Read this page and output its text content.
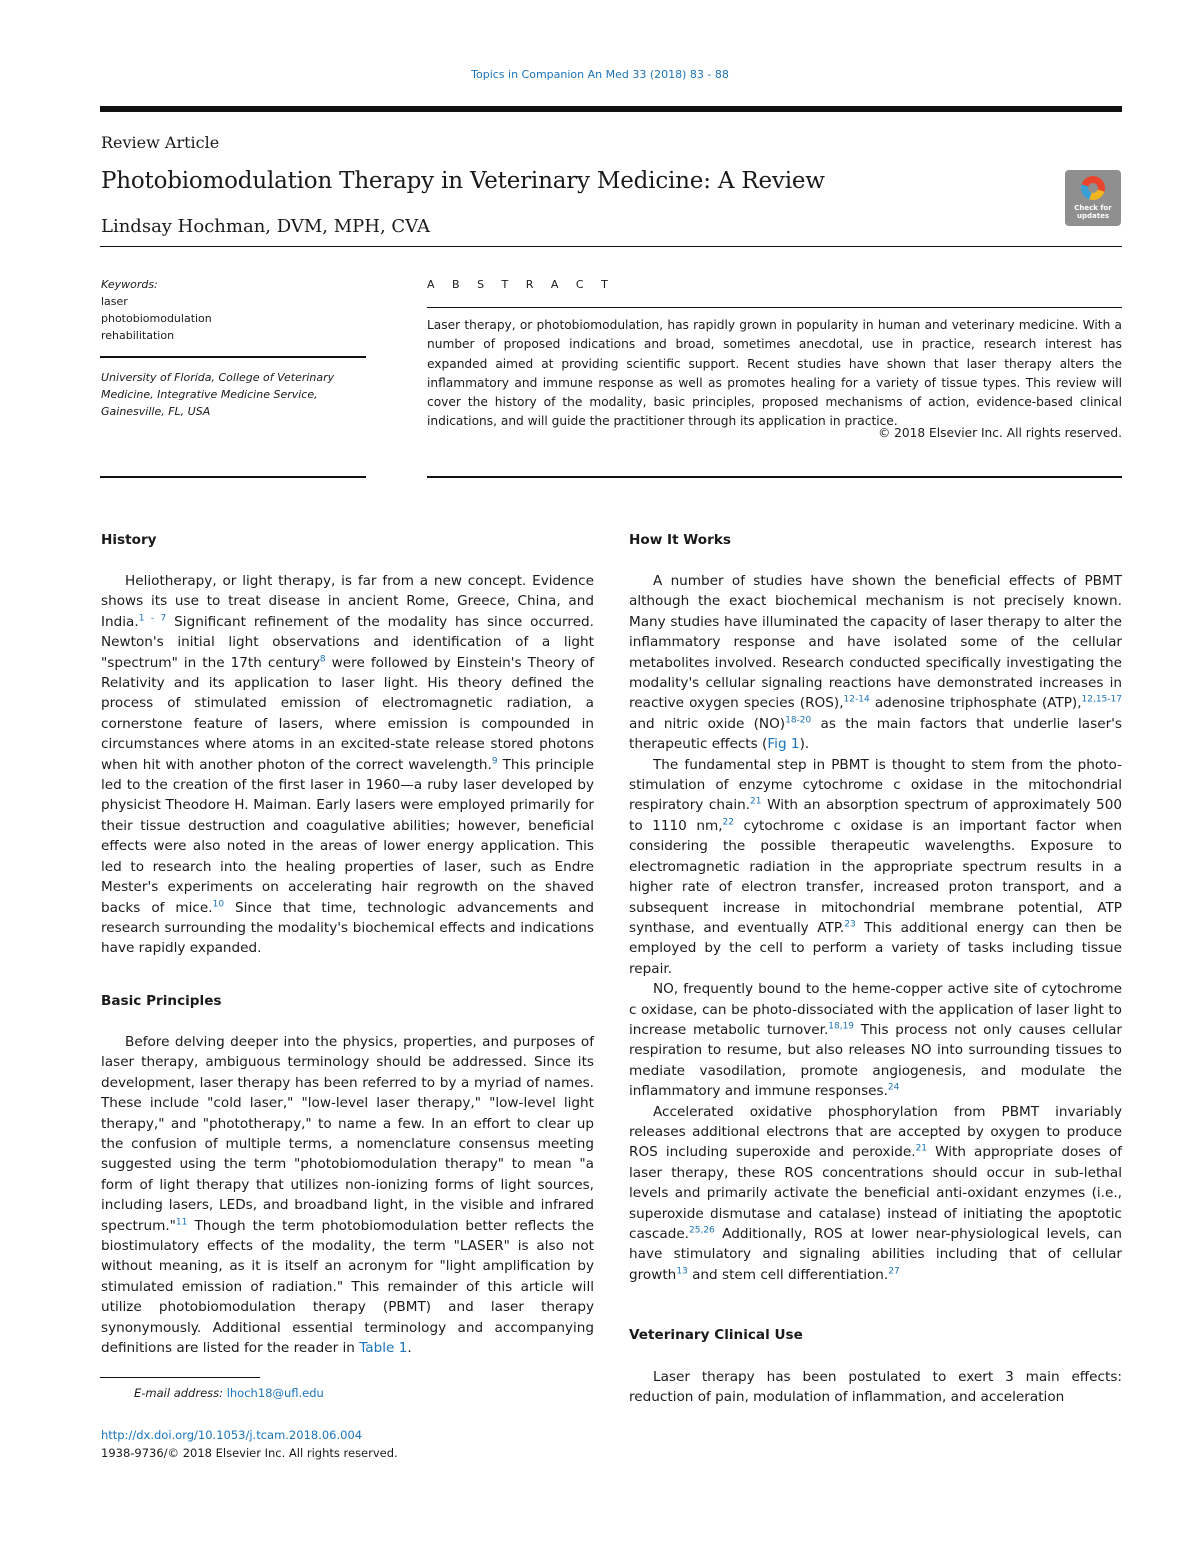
Topics in Companion An Med 33 (2018) 83 - 88
Review Article
Photobiomodulation Therapy in Veterinary Medicine: A Review
Lindsay Hochman, DVM, MPH, CVA
Check for
updates
Keywords:
laser
photobiomodulation
rehabilitation
University of Florida, College of Veterinary Medicine, Integrative Medicine Service, Gainesville, FL, USA
A B S T R A C T
Laser therapy, or photobiomodulation, has rapidly grown in popularity in human and veterinary medicine. With a number of proposed indications and broad, sometimes anecdotal, use in practice, research interest has expanded aimed at providing scientific support. Recent studies have shown that laser therapy alters the inflammatory and immune response as well as promotes healing for a variety of tissue types. This review will cover the history of the modality, basic principles, proposed mechanisms of action, evidence-based clinical indications, and will guide the practitioner through its application in practice.
© 2018 Elsevier Inc. All rights reserved.
History

Heliotherapy, or light therapy, is far from a new concept. Evidence shows its use to treat disease in ancient Rome, Greece, China, and India.$^{1 - 7}$ Significant refinement of the modality has since occurred. Newton's initial light observations and identification of a light "spectrum" in the 17th century$^8$ were followed by Einstein's Theory of Relativity and its application to laser light. His theory defined the process of stimulated emission of electromagnetic radiation, a cornerstone feature of lasers, where emission is compounded in circumstances where atoms in an excited-state release stored photons when hit with another photon of the correct wavelength.$^9$ This principle led to the creation of the first laser in 1960—a ruby laser developed by physicist Theodore H. Maiman. Early lasers were employed primarily for their tissue destruction and coagulative abilities; however, beneficial effects were also noted in the areas of lower energy application. This led to research into the healing properties of laser, such as Endre Mester's experiments on accelerating hair regrowth on the shaved backs of mice.$^{10}$ Since that time, technologic advancements and research surrounding the modality's biochemical effects and indications have rapidly expanded.

Basic Principles

Before delving deeper into the physics, properties, and purposes of laser therapy, ambiguous terminology should be addressed. Since its development, laser therapy has been referred to by a myriad of names. These include "cold laser," "low-level laser therapy," "low-level light therapy," and "phototherapy," to name a few. In an effort to clear up the confusion of multiple terms, a nomenclature consensus meeting suggested using the term "photobiomodulation therapy" to mean "a form of light therapy that utilizes non-ionizing forms of light sources, including lasers, LEDs, and broadband light, in the visible and infrared spectrum."$^{11}$ Though the term photobiomodulation better reflects the biostimulatory effects of the modality, the term "LASER" is also not without meaning, as it is itself an acronym for "light amplification by stimulated emission of radiation." This remainder of this article will utilize photobiomodulation therapy (PBMT) and laser therapy synonymously. Additional essential terminology and accompanying definitions are listed for the reader in Table 1.

How It Works

A number of studies have shown the beneficial effects of PBMT although the exact biochemical mechanism is not precisely known. Many studies have illuminated the capacity of laser therapy to alter the inflammatory response and have isolated some of the cellular metabolites involved. Research conducted specifically investigating the modality's cellular signaling reactions have demonstrated increases in reactive oxygen species (ROS),$^{12-14}$ adenosine triphosphate (ATP),$^{12,15-17}$ and nitric oxide (NO)$^{18-20}$ as the main factors that underlie laser's therapeutic effects (Fig 1).

The fundamental step in PBMT is thought to stem from the photo-stimulation of enzyme cytochrome c oxidase in the mitochondrial respiratory chain.$^{21}$ With an absorption spectrum of approximately 500 to 1110 nm,$^{22}$ cytochrome c oxidase is an important factor when considering the possible therapeutic wavelengths. Exposure to electromagnetic radiation in the appropriate spectrum results in a higher rate of electron transfer, increased proton transport, and a subsequent increase in mitochondrial membrane potential, ATP synthase, and eventually ATP.$^{23}$ This additional energy can then be employed by the cell to perform a variety of tasks including tissue repair.

NO, frequently bound to the heme-copper active site of cytochrome c oxidase, can be photo-dissociated with the application of laser light to increase metabolic turnover.$^{18,19}$ This process not only causes cellular respiration to resume, but also releases NO into surrounding tissues to mediate vasodilation, promote angiogenesis, and modulate the inflammatory and immune responses.$^{24}$

Accelerated oxidative phosphorylation from PBMT invariably releases additional electrons that are accepted by oxygen to produce ROS including superoxide and peroxide.$^{21}$ With appropriate doses of laser therapy, these ROS concentrations should occur in sub-lethal levels and primarily activate the beneficial anti-oxidant enzymes (i.e., superoxide dismutase and catalase) instead of initiating the apoptotic cascade.$^{25,26}$ Additionally, ROS at lower near-physiological levels, can have stimulatory and signaling abilities including that of cellular growth$^{13}$ and stem cell differentiation.$^{27}$

Veterinary Clinical Use

Laser therapy has been postulated to exert 3 main effects: reduction of pain, modulation of inflammation, and acceleration

E-mail address: lhoch18@ufl.edu
http://dx.doi.org/10.1053/j.tcam.2018.06.004
1938-9736/© 2018 Elsevier Inc. All rights reserved.
